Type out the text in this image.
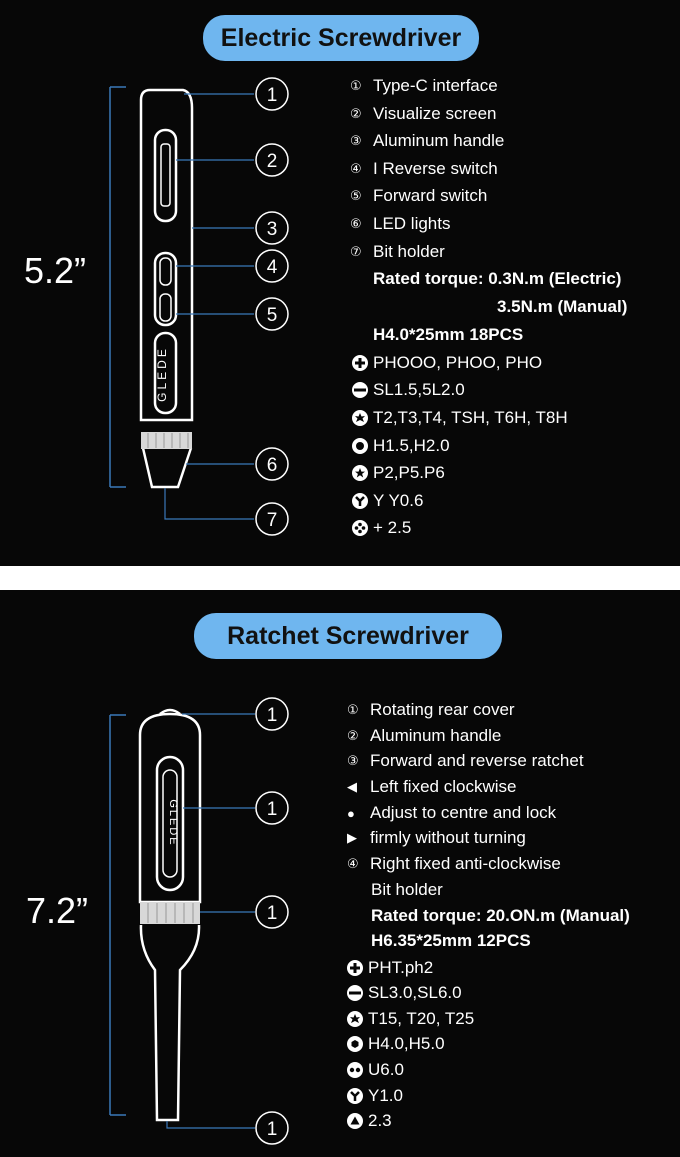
Electric Screwdriver
GLEDE
1
2
3
4
5
6
7
5.2”
① Type-C interface
② Visualize screen
③ Aluminum handle
④ I Reverse switch
⑤ Forward switch
⑥ LED lights
⑦ Bit holder
Rated torque: 0.3N.m (Electric)
3.5N.m (Manual)
H4.0*25mm 18PCS
PHOOO, PHOO, PHO
SL1.5,5L2.0
T2,T3,T4, TSH, T6H, T8H
H1.5,H2.0
P2,P5.P6
Y Y0.6
+ 2.5
Ratchet Screwdriver
GLEDE
1
1
1
1
7.2”
① Rotating rear cover
② Aluminum handle
③ Forward and reverse ratchet
◀ Left fixed clockwise
● Adjust to centre and lock
▶ firmly without turning
④ Right fixed anti-clockwise
Bit holder
Rated torque: 20.ON.m (Manual)
H6.35*25mm 12PCS
PHT.ph2
SL3.0,SL6.0
T15, T20, T25
H4.0,H5.0
U6.0
Y1.0
2.3
